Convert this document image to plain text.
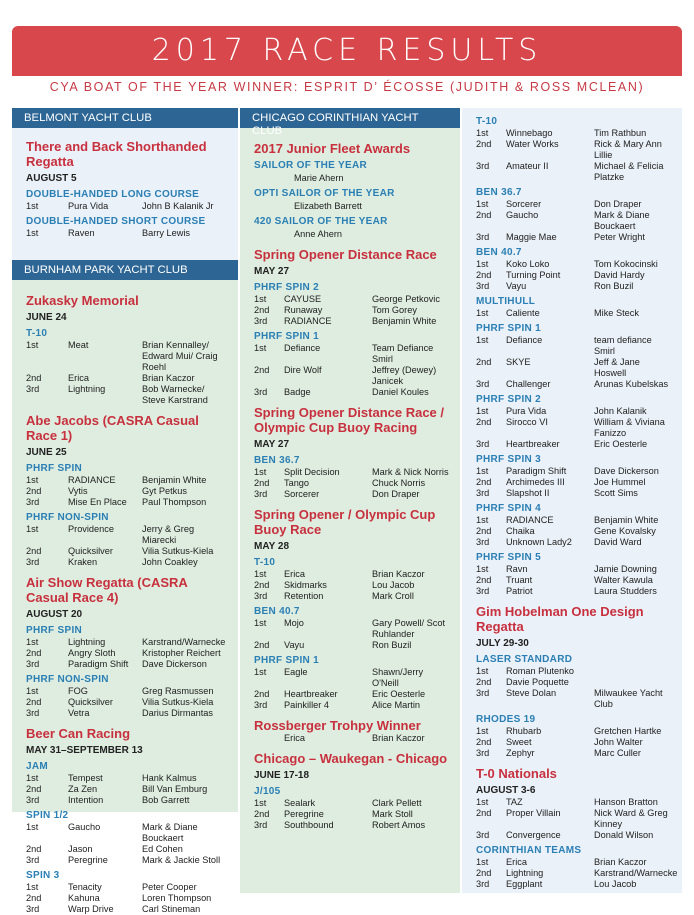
2017 RACE RESULTS
CYA BOAT OF THE YEAR WINNER: ESPRIT D’ ÉCOSSE (JUDITH & ROSS MCLEAN)
BELMONT YACHT CLUB
There and Back Shorthanded Regatta
AUGUST 5
DOUBLE-HANDED LONG COURSE
1st	Pura Vida	John B Kalanik Jr
DOUBLE-HANDED SHORT COURSE
1st	Raven	Barry Lewis
BURNHAM PARK YACHT CLUB
Zukasky Memorial
JUNE 24
T-10
1st	Meat	Brian Kennalley/ Edward Mui/ Craig Roehl
2nd	Erica	Brian Kaczor
3rd	Lightning	Bob Warnecke/ Steve Karstrand
Abe Jacobs (CASRA Casual Race 1)
JUNE 25
PHRF SPIN
1st	RADIANCE	Benjamin White
2nd	Vytis	Gyt Petkus
3rd	Mise En Place	Paul Thompson
PHRF NON-SPIN
1st	Providence	Jerry & Greg Miarecki
2nd	Quicksilver	Vilia Sutkus-Kiela
3rd	Kraken	John Coakley
Air Show Regatta (CASRA Casual Race 4)
AUGUST 20
PHRF SPIN
1st	Lightning	Karstrand/Warnecke
2nd	Angry Sloth	Kristopher Reichert
3rd	Paradigm Shift	Dave Dickerson
PHRF NON-SPIN
1st	FOG	Greg Rasmussen
2nd	Quicksilver	Vilia Sutkus-Kiela
3rd	Vetra	Darius Dirmantas
Beer Can Racing
MAY 31–SEPTEMBER 13
JAM
1st	Tempest	Hank Kalmus
2nd	Za Zen	Bill Van Emburg
3rd	Intention	Bob Garrett
SPIN 1/2
1st	Gaucho	Mark & Diane Bouckaert
2nd	Jason	Ed Cohen
3rd	Peregrine	Mark & Jackie Stoll
SPIN 3
1st	Tenacity	Peter Cooper
2nd	Kahuna	Loren Thompson
3rd	Warp Drive	Carl Stineman
CHICAGO CORINTHIAN YACHT CLUB
2017 Junior Fleet Awards
SAILOR OF THE YEAR
Marie Ahern
OPTI SAILOR OF THE YEAR
Elizabeth Barrett
420 SAILOR OF THE YEAR
Anne Ahern
Spring Opener Distance Race
MAY 27
PHRF SPIN 2
1st	CAYUSE	George Petkovic
2nd	Runaway	Tom Gorey
3rd	RADIANCE	Benjamin White
PHRF SPIN 1
1st	Defiance	Team Defiance Smirl
2nd	Dire Wolf	Jeffrey (Dewey) Janicek
3rd	Badge	Daniel Koules
Spring Opener Distance Race / Olympic Cup Buoy Racing
MAY 27
BEN 36.7
1st	Split Decision	Mark & Nick Norris
2nd	Tango	Chuck Norris
3rd	Sorcerer	Don Draper
Spring Opener / Olympic Cup Buoy Race
MAY 28
T-10
1st	Erica	Brian Kaczor
2nd	Skidmarks	Lou Jacob
3rd	Retention	Mark Croll
BEN 40.7
1st	Mojo	Gary Powell/ Scot Ruhlander
2nd	Vayu	Ron Buzil
PHRF SPIN 1
1st	Eagle	Shawn/Jerry O'Neill
2nd	Heartbreaker	Eric Oesterle
3rd	Painkiller 4	Alice Martin
Rossberger Trohpy Winner
Erica	Brian Kaczor
Chicago – Waukegan - Chicago
JUNE 17-18
J/105
1st	Sealark	Clark Pellett
2nd	Peregrine	Mark Stoll
3rd	Southbound	Robert Amos
T-10
1st	Winnebago	Tim Rathbun
2nd	Water Works	Rick & Mary Ann Lillie
3rd	Amateur II	Michael & Felicia Platzke
BEN 36.7
1st	Sorcerer	Don Draper
2nd	Gaucho	Mark & Diane Bouckaert
3rd	Maggie Mae	Peter Wright
BEN 40.7
1st	Koko Loko	Tom Kokocinski
2nd	Turning Point	David Hardy
3rd	Vayu	Ron Buzil
MULTIHULL
1st	Caliente	Mike Steck
PHRF SPIN 1
1st	Defiance	team defiance Smirl
2nd	SKYE	Jeff & Jane Hoswell
3rd	Challenger	Arunas Kubelskas
PHRF SPIN 2
1st	Pura Vida	John Kalanik
2nd	Sirocco VI	William & Viviana Fanizzo
3rd	Heartbreaker	Eric Oesterle
PHRF SPIN 3
1st	Paradigm Shift	Dave Dickerson
2nd	Archimedes III	Joe Hummel
3rd	Slapshot II	Scott Sims
PHRF SPIN 4
1st	RADIANCE	Benjamin White
2nd	Chaika	Gene Kovalsky
3rd	Unknown Lady2	David Ward
PHRF SPIN 5
1st	Ravn	Jamie Downing
2nd	Truant	Walter Kawula
3rd	Patriot	Laura Studders
Gim Hobelman One Design Regatta
JULY 29-30
LASER STANDARD
1st	Roman Plutenko
2nd	Davie Poquette
3rd	Steve Dolan	Milwaukee Yacht Club
RHODES 19
1st	Rhubarb	Gretchen Hartke
2nd	Sweet	John Walter
3rd	Zephyr	Marc Culler
T-0 Nationals
AUGUST 3-6
1st	TAZ	Hanson Bratton
2nd	Proper Villain	Nick Ward & Greg Kinney
3rd	Convergence	Donald Wilson
CORINTHIAN TEAMS
1st	Erica	Brian Kaczor
2nd	Lightning	Karstrand/Warnecke
3rd	Eggplant	Lou Jacob
